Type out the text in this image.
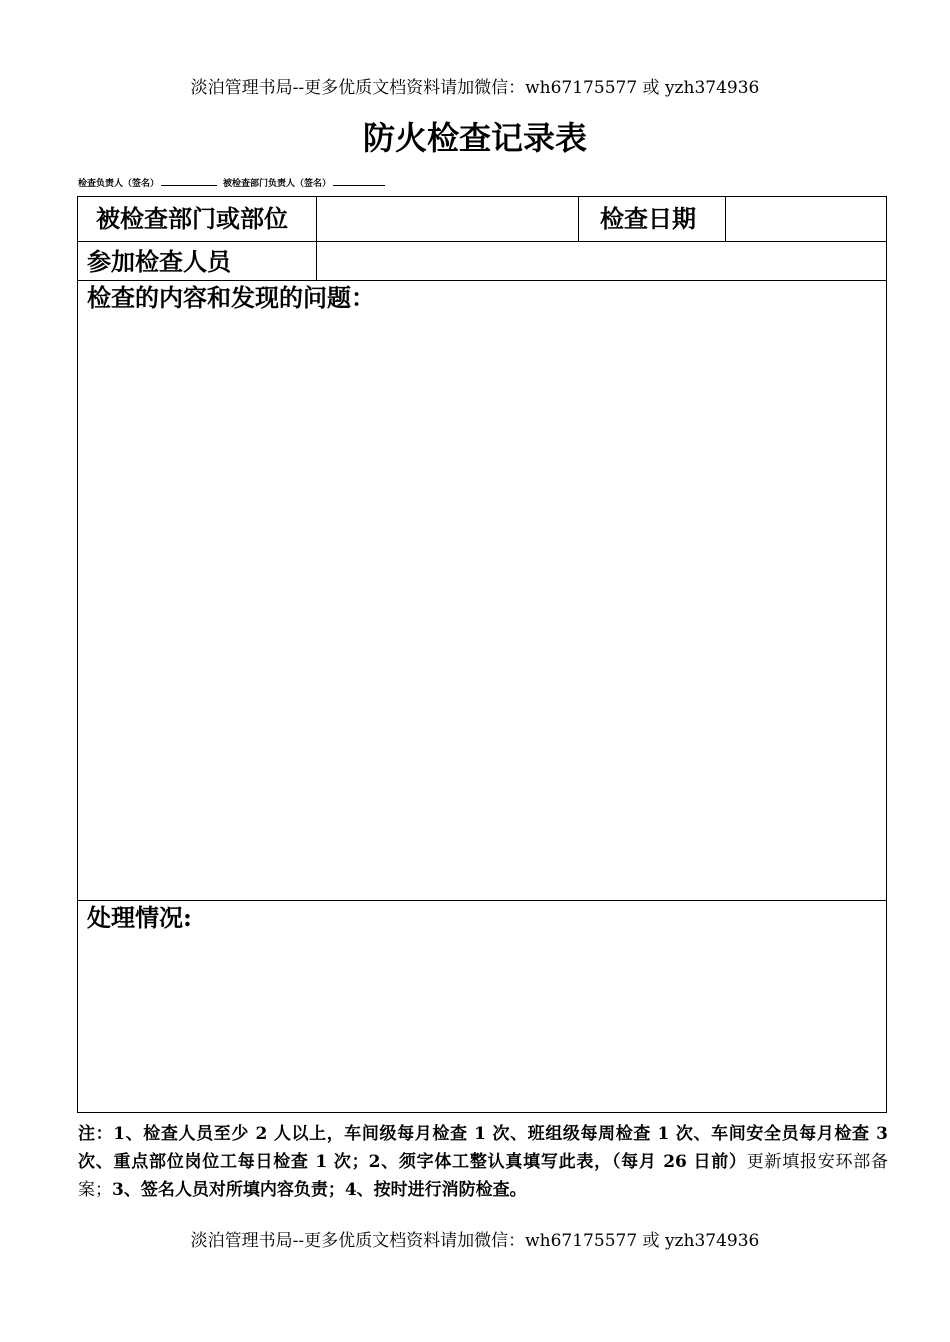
淡泊管理书局--更多优质文档资料请加微信：wh67175577 或 yzh374936
防火检查记录表
检查负责人（签名）	被检查部门负责人（签名）
被检查部门或部位	检查日期
参加检查人员
检查的内容和发现的问题：
处理情况:
注：1、检查人员至少 2 人以上，车间级每月检查 1 次、班组级每周检查 1 次、车间安全员每月检查 3 次、重点部位岗位工每日检查 1 次；2、须字体工整认真填写此表，（每月 26 日前）更新填报安环部备案；3、签名人员对所填内容负责；4、按时进行消防检查。
淡泊管理书局--更多优质文档资料请加微信：wh67175577 或 yzh374936
